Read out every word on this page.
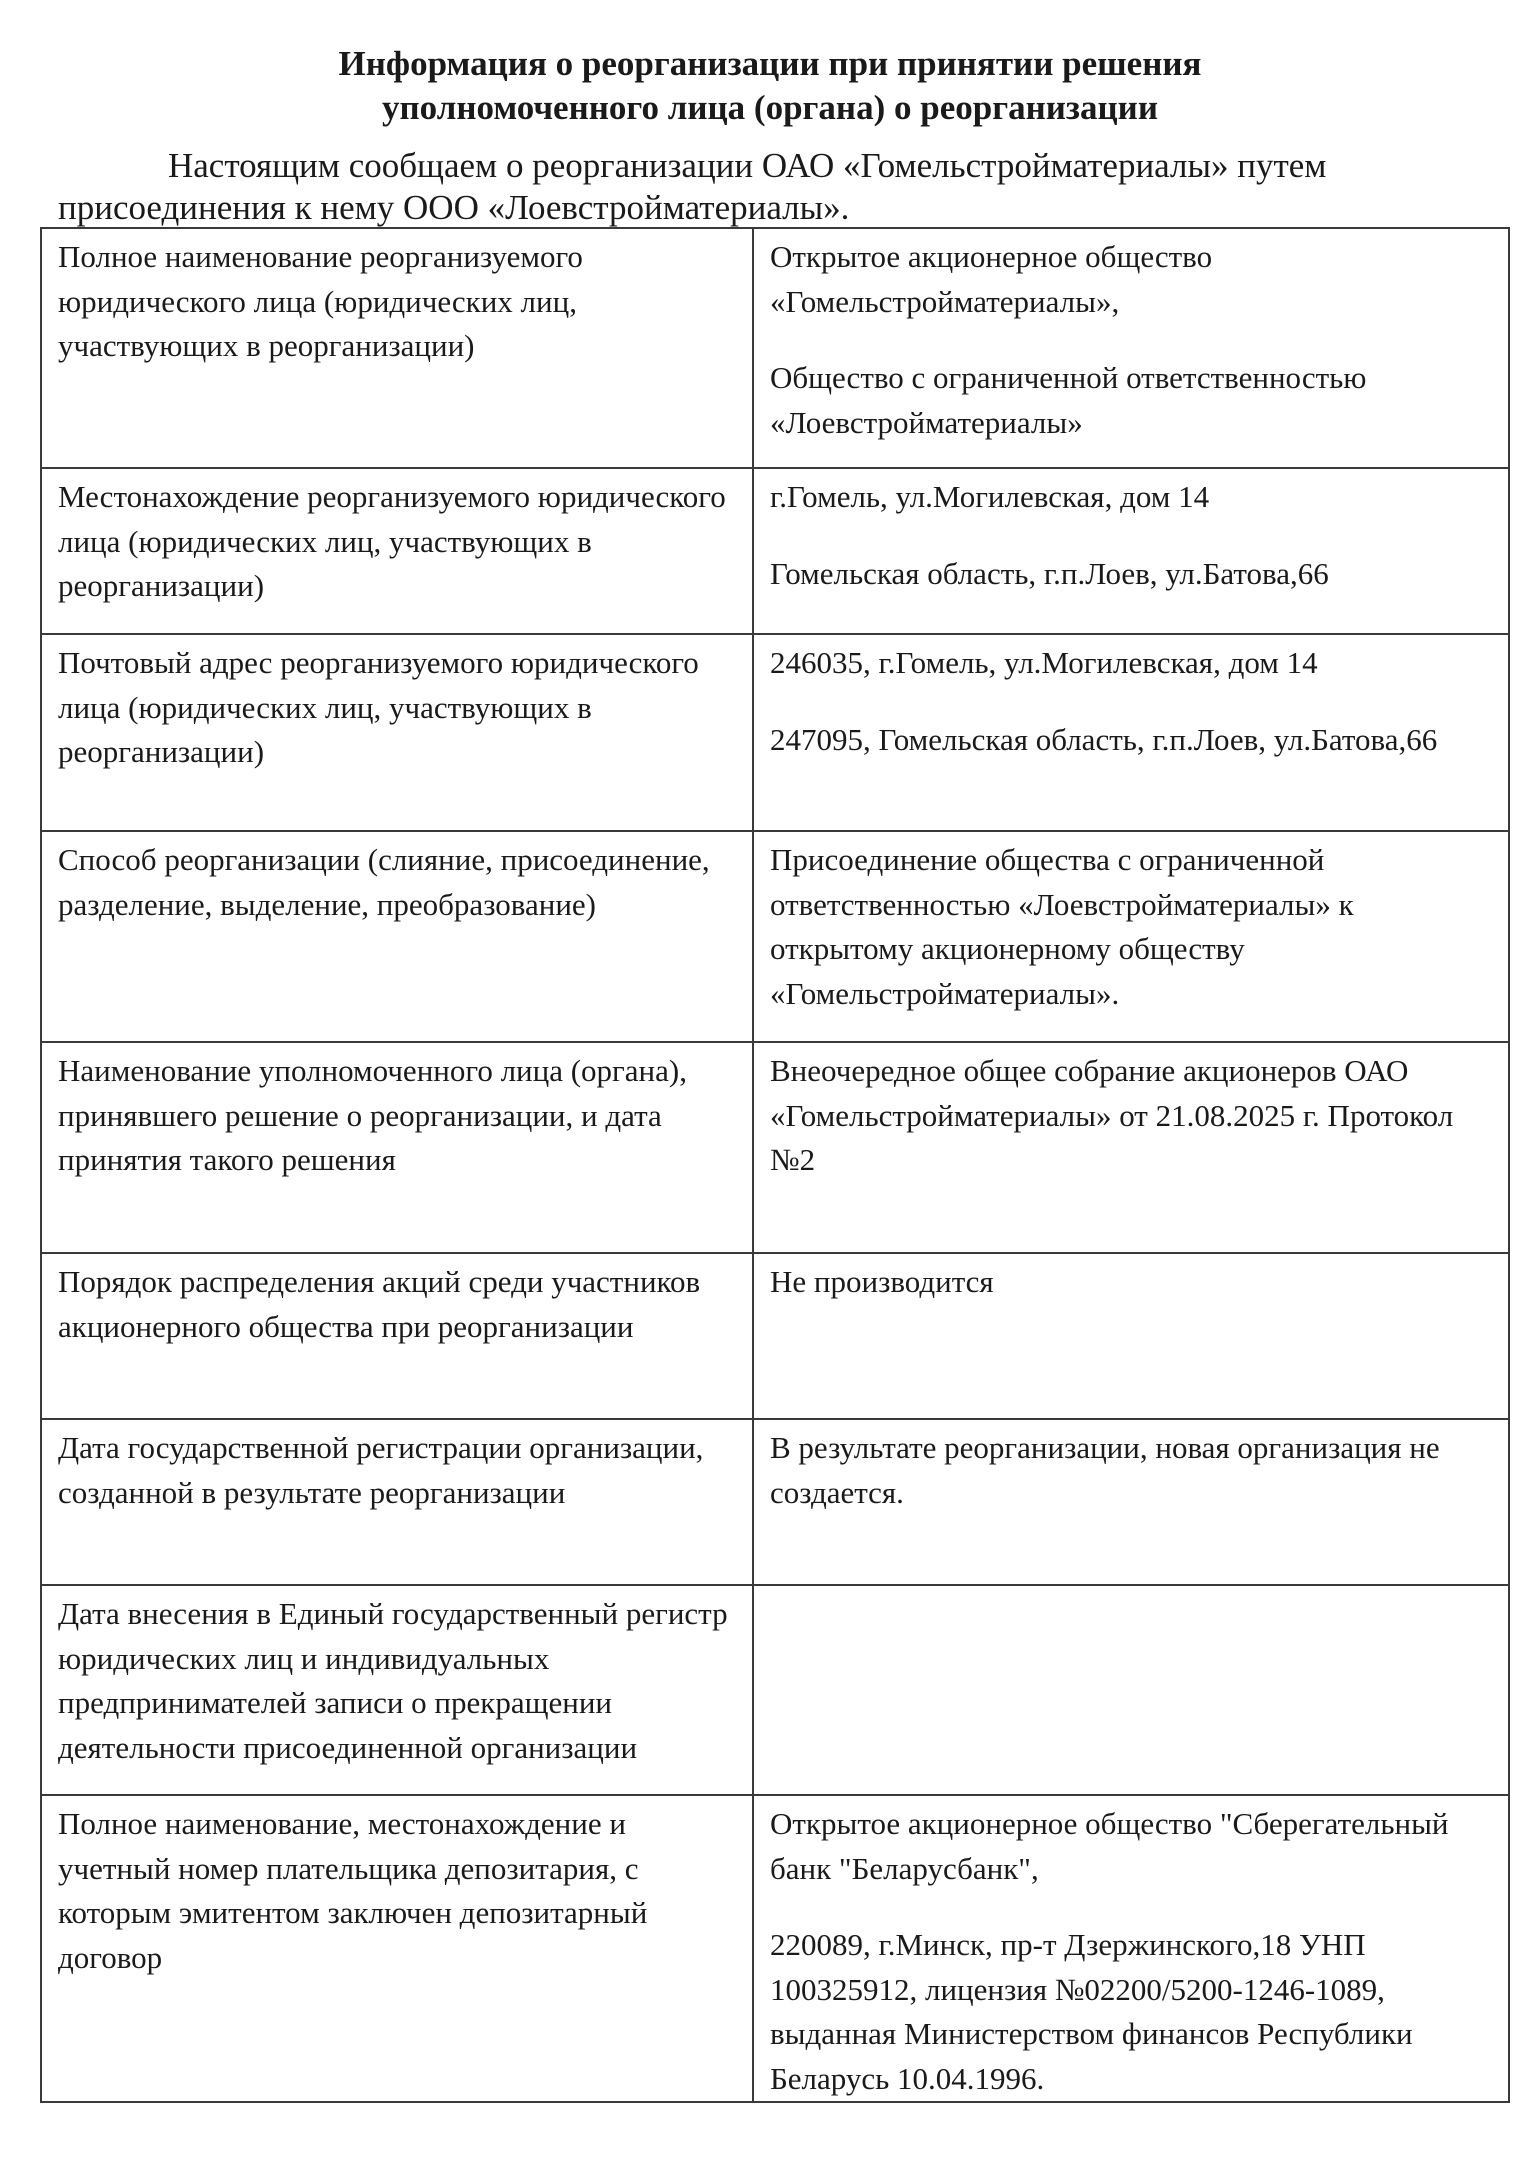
Информация о реорганизации при принятии решения
уполномоченного лица (органа) о реорганизации

Настоящим сообщаем о реорганизации ОАО «Гомельстройматериалы» путем присоединения к нему ООО «Лоевстройматериалы».

Полное наименование реорганизуемого юридического лица (юридических лиц, участвующих в реорганизации)	Открытое акционерное общество «Гомельстройматериалы»,
Общество с ограниченной ответственностью «Лоевстройматериалы»

Местонахождение реорганизуемого юридического лица (юридических лиц, участвующих в реорганизации)	г.Гомель, ул.Могилевская, дом 14
Гомельская область, г.п.Лоев, ул.Батова,66

Почтовый адрес реорганизуемого юридического лица (юридических лиц, участвующих в реорганизации)	246035, г.Гомель, ул.Могилевская, дом 14
247095, Гомельская область, г.п.Лоев, ул.Батова,66

Способ реорганизации (слияние, присоединение, разделение, выделение, преобразование)	Присоединение общества с ограниченной ответственностью «Лоевстройматериалы» к открытому акционерному обществу «Гомельстройматериалы».

Наименование уполномоченного лица (органа), принявшего решение о реорганизации, и дата принятия такого решения	Внеочередное общее собрание акционеров ОАО «Гомельстройматериалы» от 21.08.2025 г. Протокол №2

Порядок распределения акций среди участников акционерного общества при реорганизации	Не производится

Дата государственной регистрации организации, созданной в результате реорганизации	В результате реорганизации, новая организация не создается.

Дата внесения в Единый государственный регистр юридических лиц и индивидуальных предпринимателей записи о прекращении деятельности присоединенной организации	

Полное наименование, местонахождение и учетный номер плательщика депозитария, с которым эмитентом заключен депозитарный договор	Открытое акционерное общество "Сберегательный банк "Беларусбанк",
220089, г.Минск, пр-т Дзержинского,18 УНП 100325912, лицензия №02200/5200-1246-1089, выданная Министерством финансов Республики Беларусь 10.04.1996.
